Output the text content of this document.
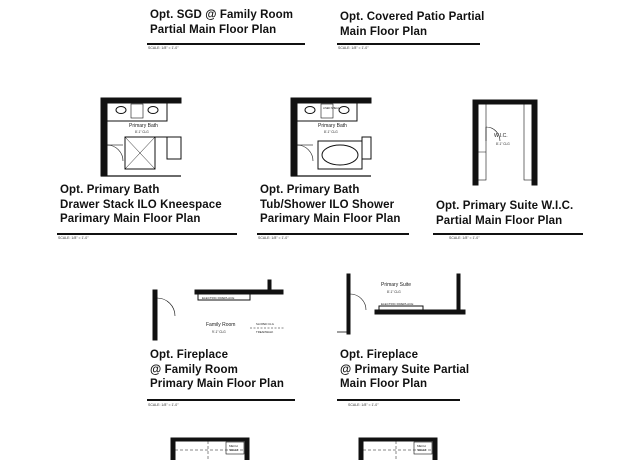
Opt. SGD @ Family Room
Partial Main Floor Plan
SCALE: 1/8" = 1'-0"
Opt. Covered Patio Partial
Main Floor Plan
SCALE: 1/8" = 1'-0"
Primary Bath
8'-1" CLG
Opt. Primary Bath
Drawer Stack ILO Kneespace
Parimary Main Floor Plan
SCALE: 1/8" = 1'-0"
Primary Bath
8'-1" CLG
LINEN SHELF
Opt. Primary Bath
Tub/Shower ILO Shower
Parimary Main Floor Plan
SCALE: 1/8" = 1'-0"
W.I.C.
8'-1" CLG
Opt. Primary Suite W.I.C.
Partial Main Floor Plan
SCALE: 1/8" = 1'-0"
ELECTRIC FIREPLACE
Family Room
9'-1" CLG	TREADWALK
SLOPED CLG
Opt. Fireplace
@ Family Room
Primary Main Floor Plan
SCALE: 1/8" = 1'-0"
Primary Suite
8'-1" CLG
ELECTRIC FIREPLACE
Opt. Fireplace
@ Primary Suite Partial
Main Floor Plan
SCALE: 1/8" = 1'-0"
MECH
SHELF
MECH
SHELF
